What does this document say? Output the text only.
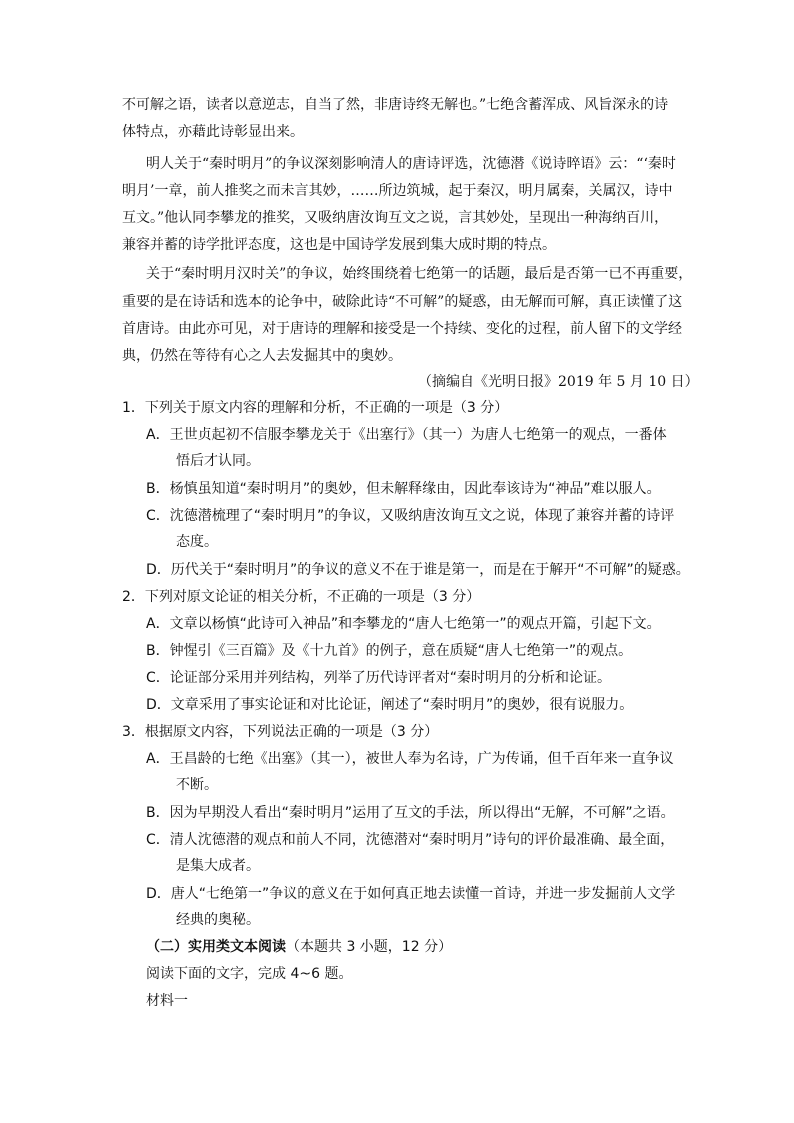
不可解之语，读者以意逆志，自当了然，非唐诗终无解也。”七绝含蓄浑成、风旨深永的诗
体特点，亦藉此诗彰显出来。
明人关于“秦时明月”的争议深刻影响清人的唐诗评选，沈德潜《说诗晬语》云：“‘秦时
明月’一章，前人推奖之而未言其妙，……所边筑城，起于秦汉，明月属秦，关属汉，诗中
互文。”他认同李攀龙的推奖，又吸纳唐汝询互文之说，言其妙处，呈现出一种海纳百川，
兼容并蓄的诗学批评态度，这也是中国诗学发展到集大成时期的特点。
关于“秦时明月汉时关”的争议，始终围绕着七绝第一的话题，最后是否第一已不再重要，
重要的是在诗话和选本的论争中，破除此诗“不可解”的疑惑，由无解而可解，真正读懂了这
首唐诗。由此亦可见，对于唐诗的理解和接受是一个持续、变化的过程，前人留下的文学经
典，仍然在等待有心之人去发掘其中的奥妙。
（摘编自《光明日报》2019 年 5 月 10 日）
1．下列关于原文内容的理解和分析，不正确的一项是（3 分）
A．王世贞起初不信服李攀龙关于《出塞行》（其一）为唐人七绝第一的观点，一番体
悟后才认同。
B．杨慎虽知道“秦时明月”的奥妙，但未解释缘由，因此奉该诗为“神品”难以服人。
C．沈德潜梳理了“秦时明月”的争议，又吸纳唐汝询互文之说，体现了兼容并蓄的诗评
态度。
D．历代关于“秦时明月”的争议的意义不在于谁是第一，而是在于解开“不可解”的疑惑。
2．下列对原文论证的相关分析，不正确的一项是（3 分）
A．文章以杨慎“此诗可入神品”和李攀龙的“唐人七绝第一”的观点开篇，引起下文。
B．钟惺引《三百篇》及《十九首》的例子，意在质疑“唐人七绝第一”的观点。
C．论证部分采用并列结构，列举了历代诗评者对“秦时明月的分析和论证。
D．文章采用了事实论证和对比论证，阐述了“秦时明月”的奥妙，很有说服力。
3．根据原文内容，下列说法正确的一项是（3 分）
A．王昌龄的七绝《出塞》（其一），被世人奉为名诗，广为传诵，但千百年来一直争议
不断。
B．因为早期没人看出“秦时明月”运用了互文的手法，所以得出“无解，不可解”之语。
C．清人沈德潜的观点和前人不同，沈德潜对“秦时明月”诗句的评价最准确、最全面，
是集大成者。
D．唐人“七绝第一”争议的意义在于如何真正地去读懂一首诗，并进一步发掘前人文学
经典的奥秘。
（二）实用类文本阅读（本题共 3 小题，12 分）
阅读下面的文字，完成 4~6 题。
材料一
